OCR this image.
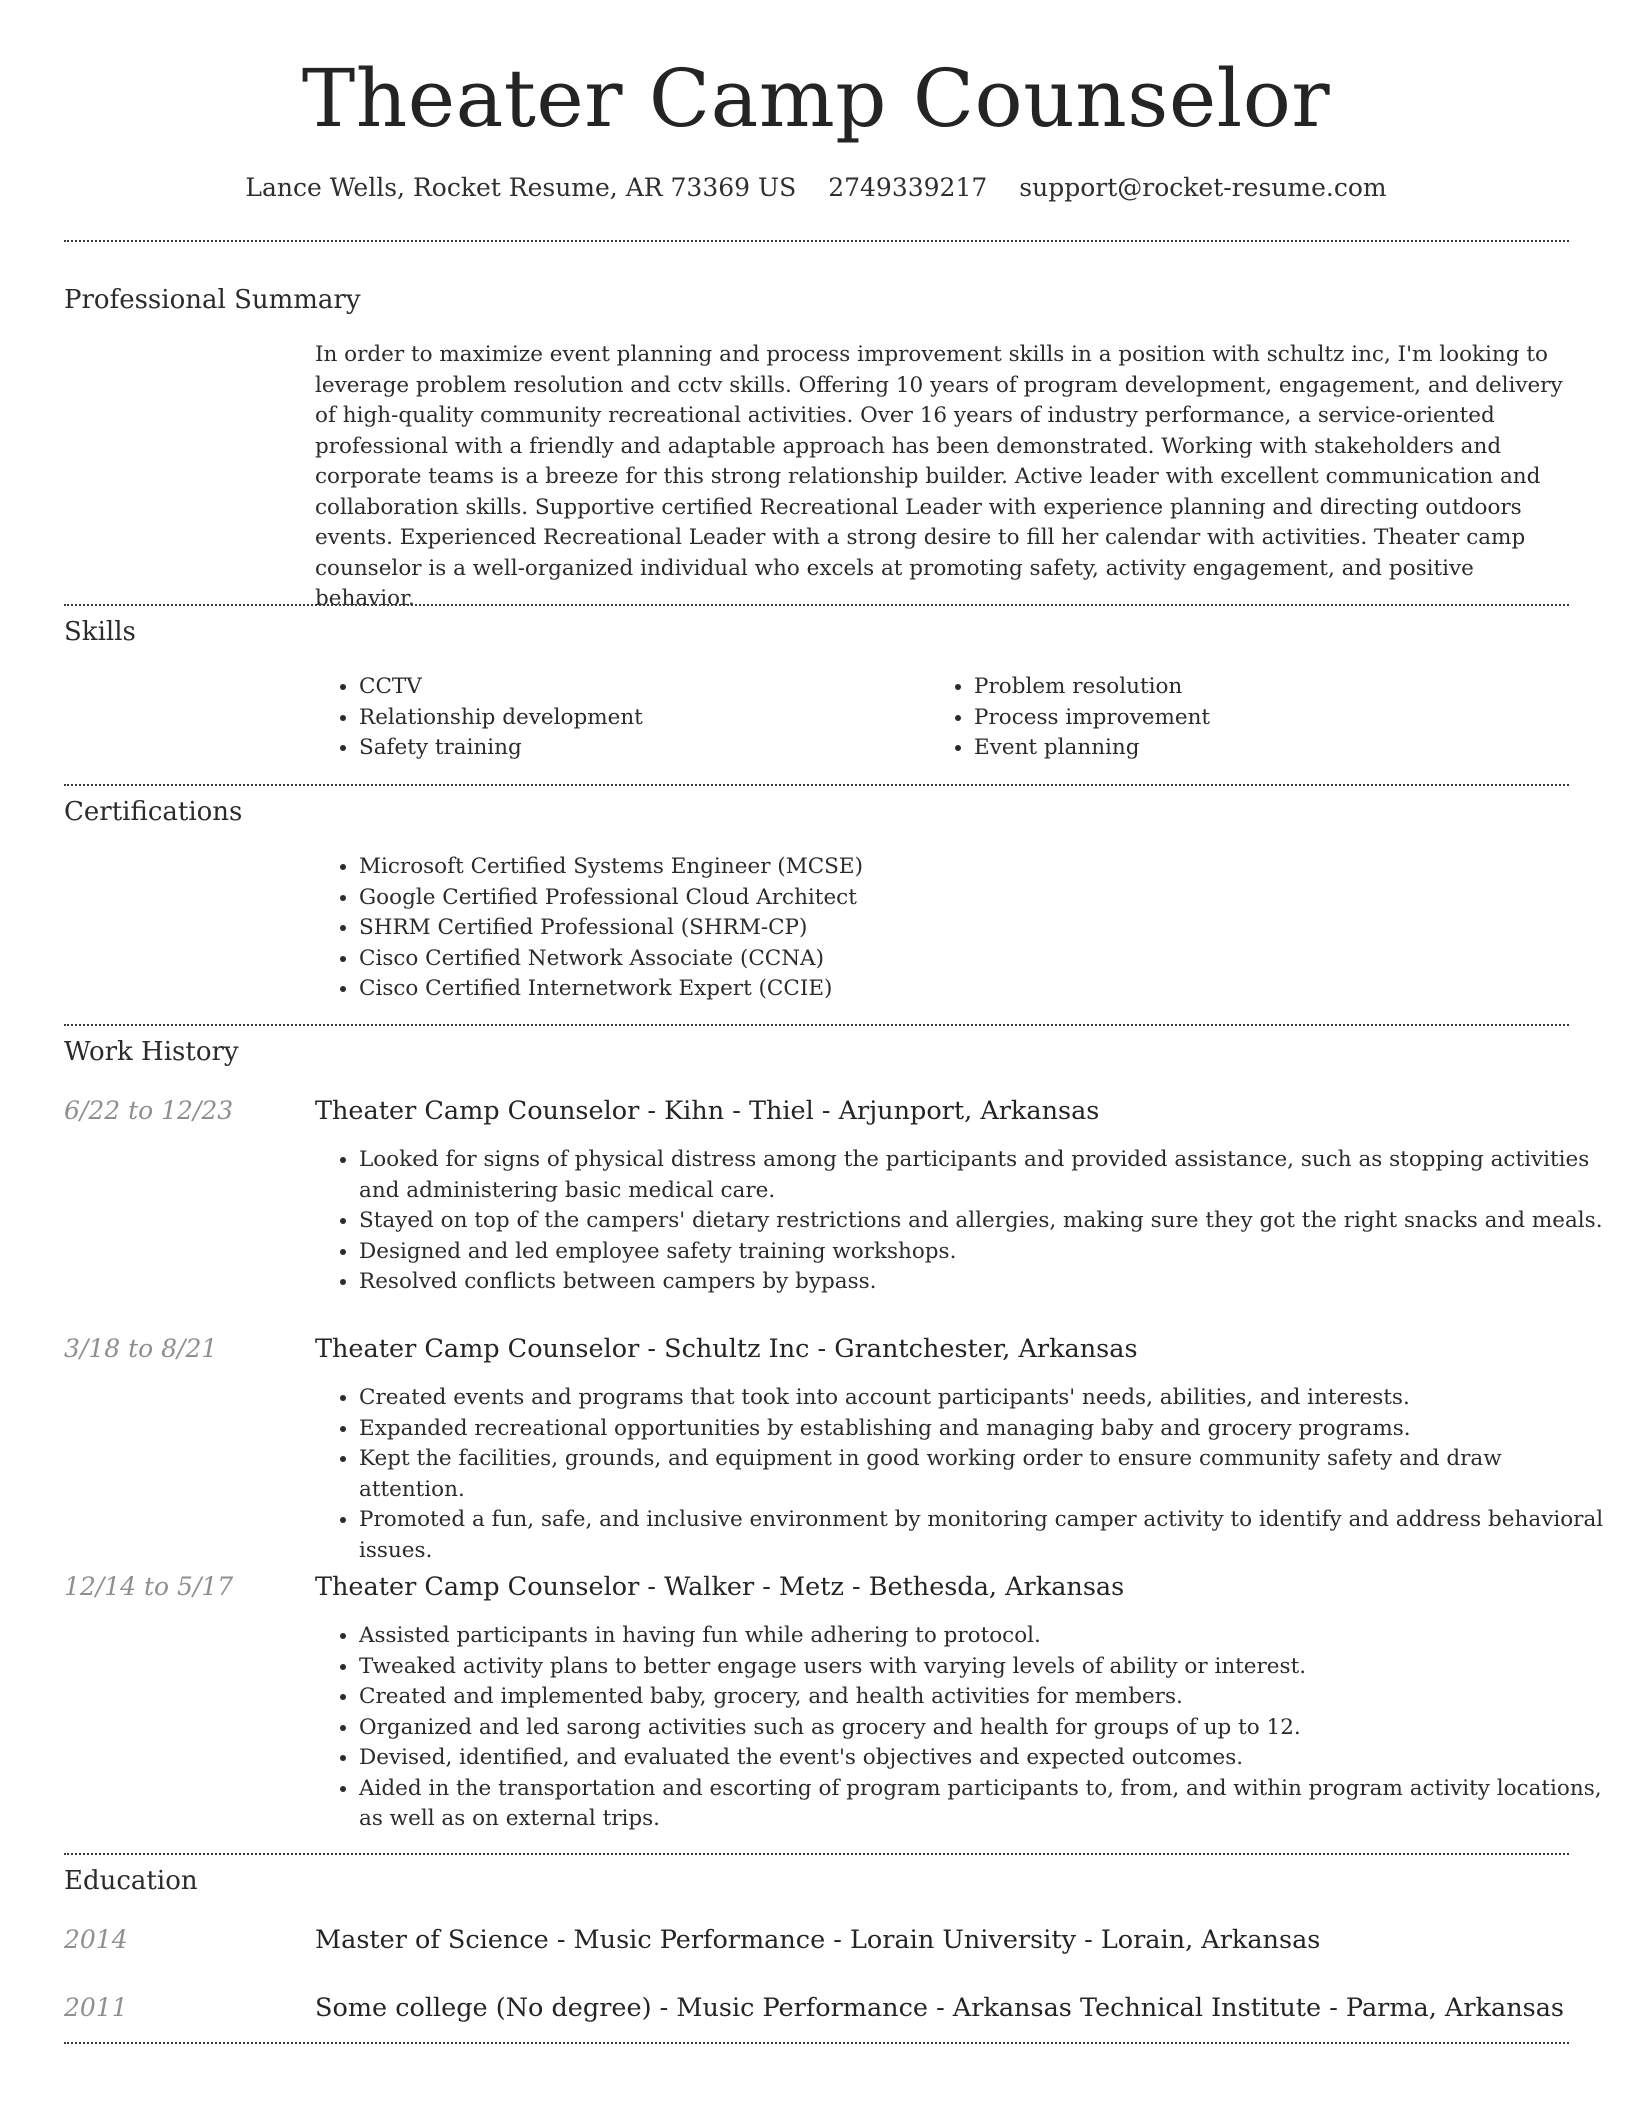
Theater Camp Counselor
Lance Wells, Rocket Resume, AR 73369 US 2749339217 support@rocket-resume.com
Professional Summary

In order to maximize event planning and process improvement skills in a position with schultz inc, I'm looking to leverage problem resolution and cctv skills. Offering 10 years of program development, engagement, and delivery of high-quality community recreational activities. Over 16 years of industry performance, a service-oriented professional with a friendly and adaptable approach has been demonstrated. Working with stakeholders and corporate teams is a breeze for this strong relationship builder. Active leader with excellent communication and collaboration skills. Supportive certified Recreational Leader with experience planning and directing outdoors events. Experienced Recreational Leader with a strong desire to fill her calendar with activities. Theater camp counselor is a well-organized individual who excels at promoting safety, activity engagement, and positive behavior.

Skills
• CCTV
• Relationship development
• Safety training
• Problem resolution
• Process improvement
• Event planning
Certifications
• Microsoft Certified Systems Engineer (MCSE)
• Google Certified Professional Cloud Architect
• SHRM Certified Professional (SHRM-CP)
• Cisco Certified Network Associate (CCNA)
• Cisco Certified Internetwork Expert (CCIE)
Work History
6/22 to 12/23	Theater Camp Counselor - Kihn - Thiel - Arjunport, Arkansas
• Looked for signs of physical distress among the participants and provided assistance, such as stopping activities and administering basic medical care.
• Stayed on top of the campers' dietary restrictions and allergies, making sure they got the right snacks and meals.
• Designed and led employee safety training workshops.
• Resolved conflicts between campers by bypass.
3/18 to 8/21	Theater Camp Counselor - Schultz Inc - Grantchester, Arkansas
• Created events and programs that took into account participants' needs, abilities, and interests.
• Expanded recreational opportunities by establishing and managing baby and grocery programs.
• Kept the facilities, grounds, and equipment in good working order to ensure community safety and draw attention.
• Promoted a fun, safe, and inclusive environment by monitoring camper activity to identify and address behavioral issues.
12/14 to 5/17	Theater Camp Counselor - Walker - Metz - Bethesda, Arkansas
• Assisted participants in having fun while adhering to protocol.
• Tweaked activity plans to better engage users with varying levels of ability or interest.
• Created and implemented baby, grocery, and health activities for members.
• Organized and led sarong activities such as grocery and health for groups of up to 12.
• Devised, identified, and evaluated the event's objectives and expected outcomes.
• Aided in the transportation and escorting of program participants to, from, and within program activity locations, as well as on external trips.
Education
2014	Master of Science - Music Performance - Lorain University - Lorain, Arkansas
2011	Some college (No degree) - Music Performance - Arkansas Technical Institute - Parma, Arkansas
